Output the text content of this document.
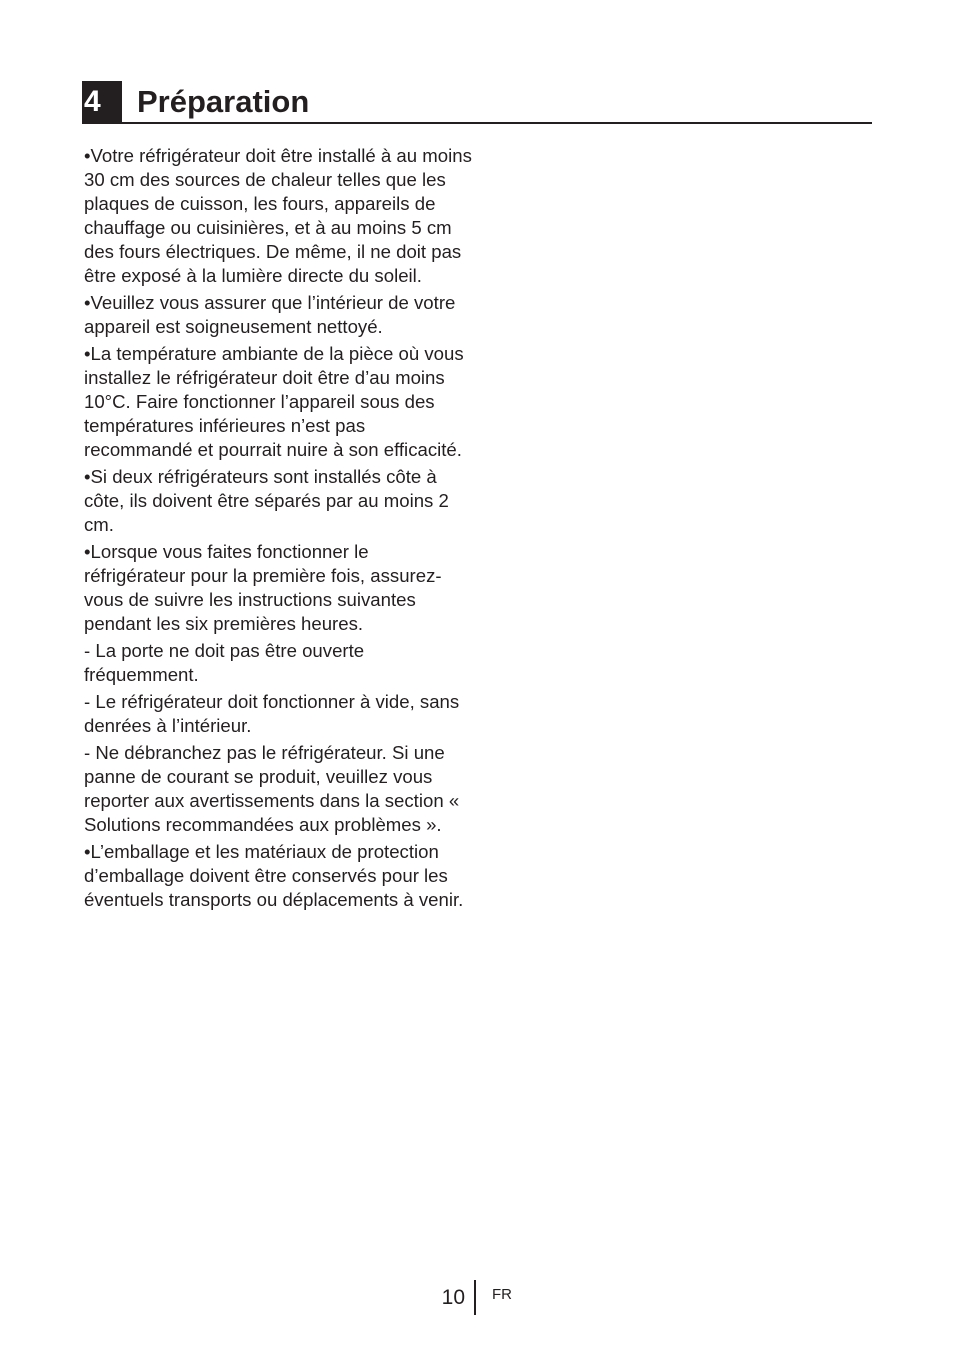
4	Préparation

•Votre réfrigérateur doit être installé à au moins 30 cm des sources de chaleur telles que les plaques de cuisson, les fours, appareils de chauffage ou cuisinières, et à au moins 5 cm des fours électriques. De même, il ne doit pas être exposé à la lumière directe du soleil.

•Veuillez vous assurer que l’intérieur de votre appareil est soigneusement nettoyé.

•La température ambiante de la pièce où vous installez le réfrigérateur doit être d’au moins 10°C. Faire fonctionner l’appareil sous des températures inférieures n’est pas recommandé et pourrait nuire à son efficacité.

•Si deux réfrigérateurs sont installés côte à côte, ils doivent être séparés par au moins 2 cm.

•Lorsque vous faites fonctionner le réfrigérateur pour la première fois, assurez-vous de suivre les instructions suivantes pendant les six premières heures.

- La porte ne doit pas être ouverte fréquemment.

- Le réfrigérateur doit fonctionner à vide, sans denrées à l’intérieur.

- Ne débranchez pas le réfrigérateur. Si une panne de courant se produit, veuillez vous reporter aux avertissements dans la section « Solutions recommandées aux problèmes ».

•L’emballage et les matériaux de protection d’emballage doivent être conservés pour les éventuels transports ou déplacements à venir.

10 FR
